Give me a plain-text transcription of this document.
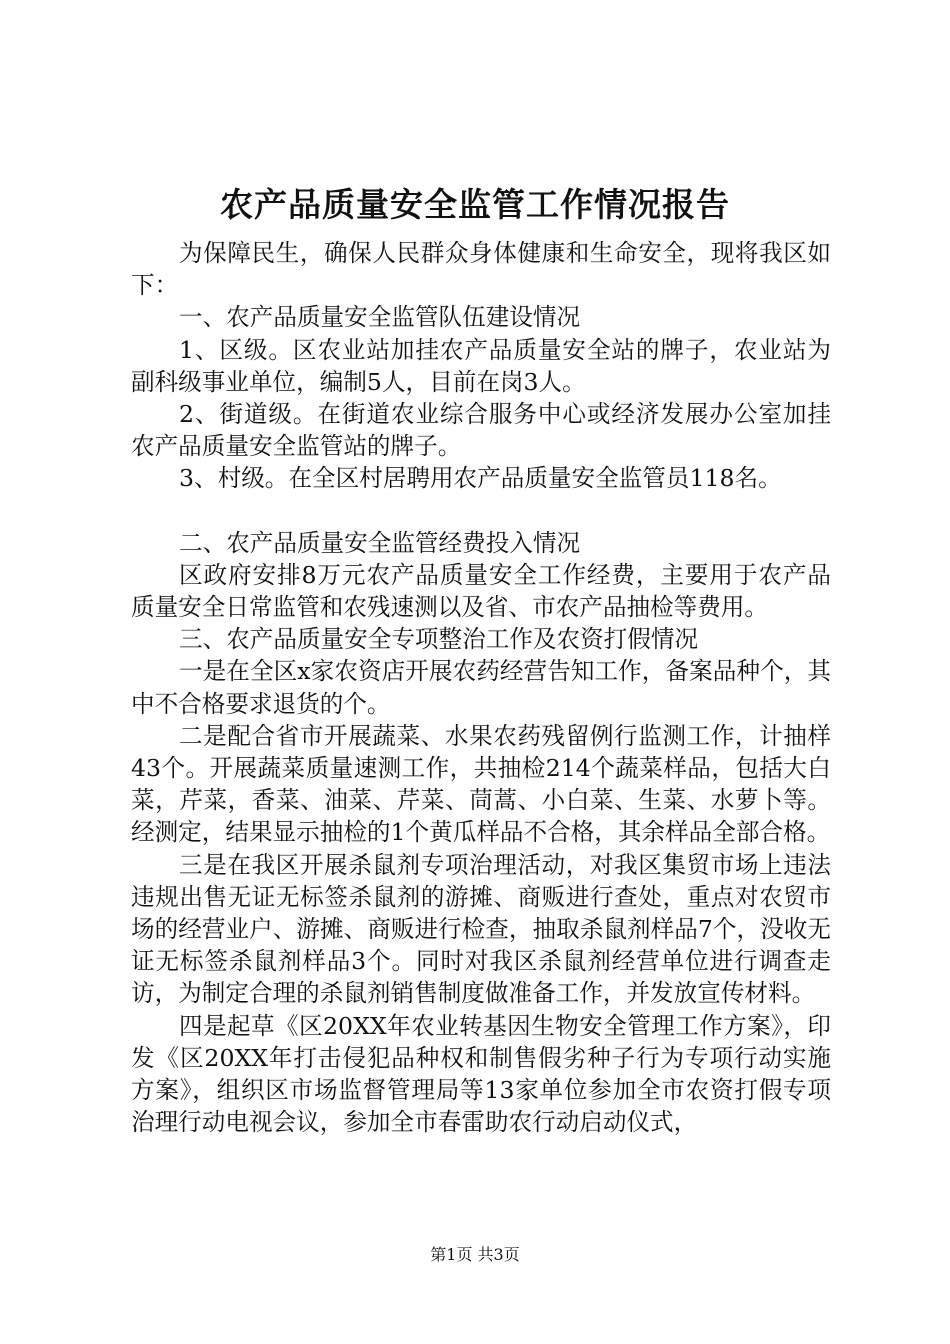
农产品质量安全监管工作情况报告

为保障民生，确保人民群众身体健康和生命安全，现将我区如下：

一、农产品质量安全监管队伍建设情况

1、区级。区农业站加挂农产品质量安全站的牌子，农业站为副科级事业单位，编制5人，目前在岗3人。

2、街道级。在街道农业综合服务中心或经济发展办公室加挂农产品质量安全监管站的牌子。

3、村级。在全区村居聘用农产品质量安全监管员118名。

二、农产品质量安全监管经费投入情况

区政府安排8万元农产品质量安全工作经费，主要用于农产品质量安全日常监管和农残速测以及省、市农产品抽检等费用。

三、农产品质量安全专项整治工作及农资打假情况

一是在全区x家农资店开展农药经营告知工作，备案品种个，其中不合格要求退货的个。

二是配合省市开展蔬菜、水果农药残留例行监测工作，计抽样43个。开展蔬菜质量速测工作，共抽检214个蔬菜样品，包括大白菜，芹菜，香菜、油菜、芹菜、茼蒿、小白菜、生菜、水萝卜等。经测定，结果显示抽检的1个黄瓜样品不合格，其余样品全部合格。

三是在我区开展杀鼠剂专项治理活动，对我区集贸市场上违法违规出售无证无标签杀鼠剂的游摊、商贩进行查处，重点对农贸市场的经营业户、游摊、商贩进行检查，抽取杀鼠剂样品7个，没收无证无标签杀鼠剂样品3个。同时对我区杀鼠剂经营单位进行调查走访，为制定合理的杀鼠剂销售制度做准备工作，并发放宣传材料。

四是起草《区20XX年农业转基因生物安全管理工作方案》，印发《区20XX年打击侵犯品种权和制售假劣种子行为专项行动实施方案》，组织区市场监督管理局等13家单位参加全市农资打假专项治理行动电视会议，参加全市春雷助农行动启动仪式，

第1页 共3页
